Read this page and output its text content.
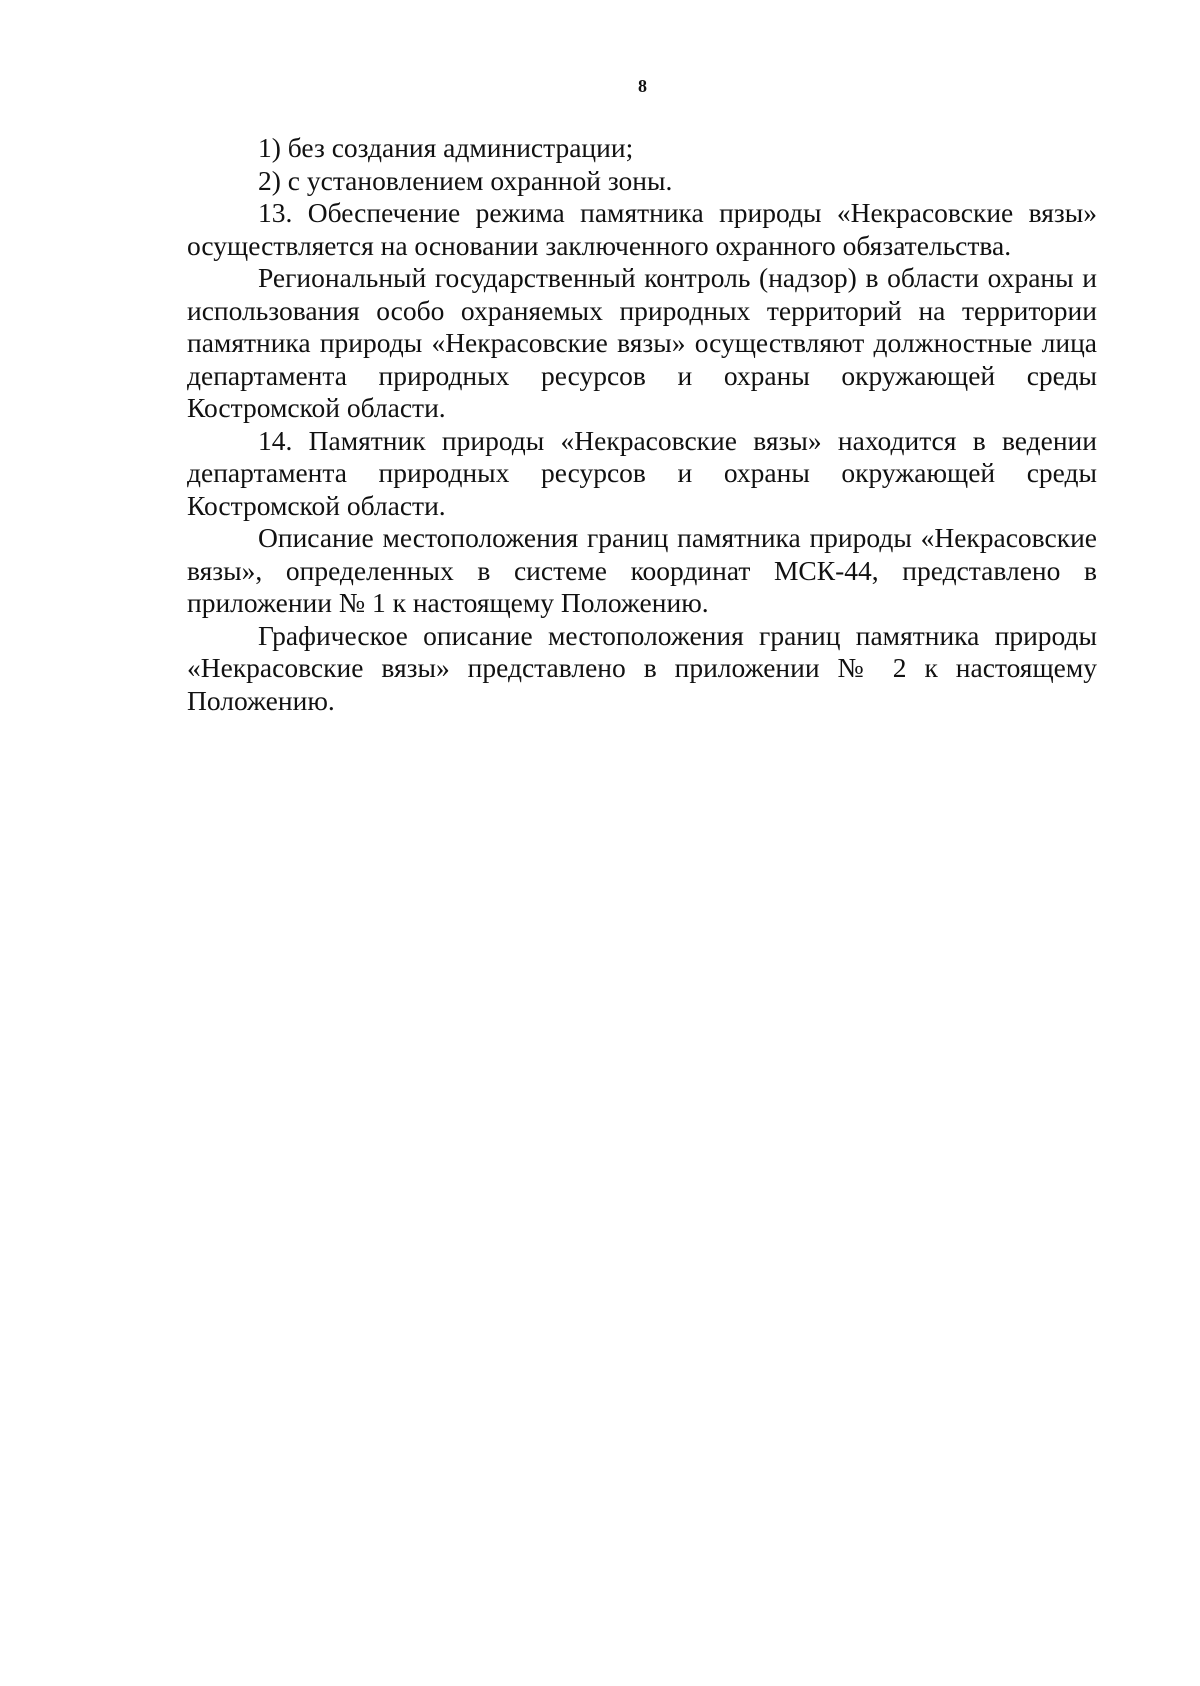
8

1) без создания администрации;

2) с установлением охранной зоны.

13. Обеспечение режима памятника природы «Некрасовские вязы» осуществляется на основании заключенного охранного обязательства.

Региональный государственный контроль (надзор) в области охраны и использования особо охраняемых природных территорий на территории памятника природы «Некрасовские вязы» осуществляют должностные лица департамента природных ресурсов и охраны окружающей среды Костромской области.

14. Памятник природы «Некрасовские вязы» находится в ведении департамента природных ресурсов и охраны окружающей среды Костромской области.

Описание местоположения границ памятника природы «Некрасовские вязы», определенных в системе координат МСК-44, представлено в приложении № 1 к настоящему Положению.

Графическое описание местоположения границ памятника природы «Некрасовские вязы» представлено в приложении № 2 к настоящему Положению.
